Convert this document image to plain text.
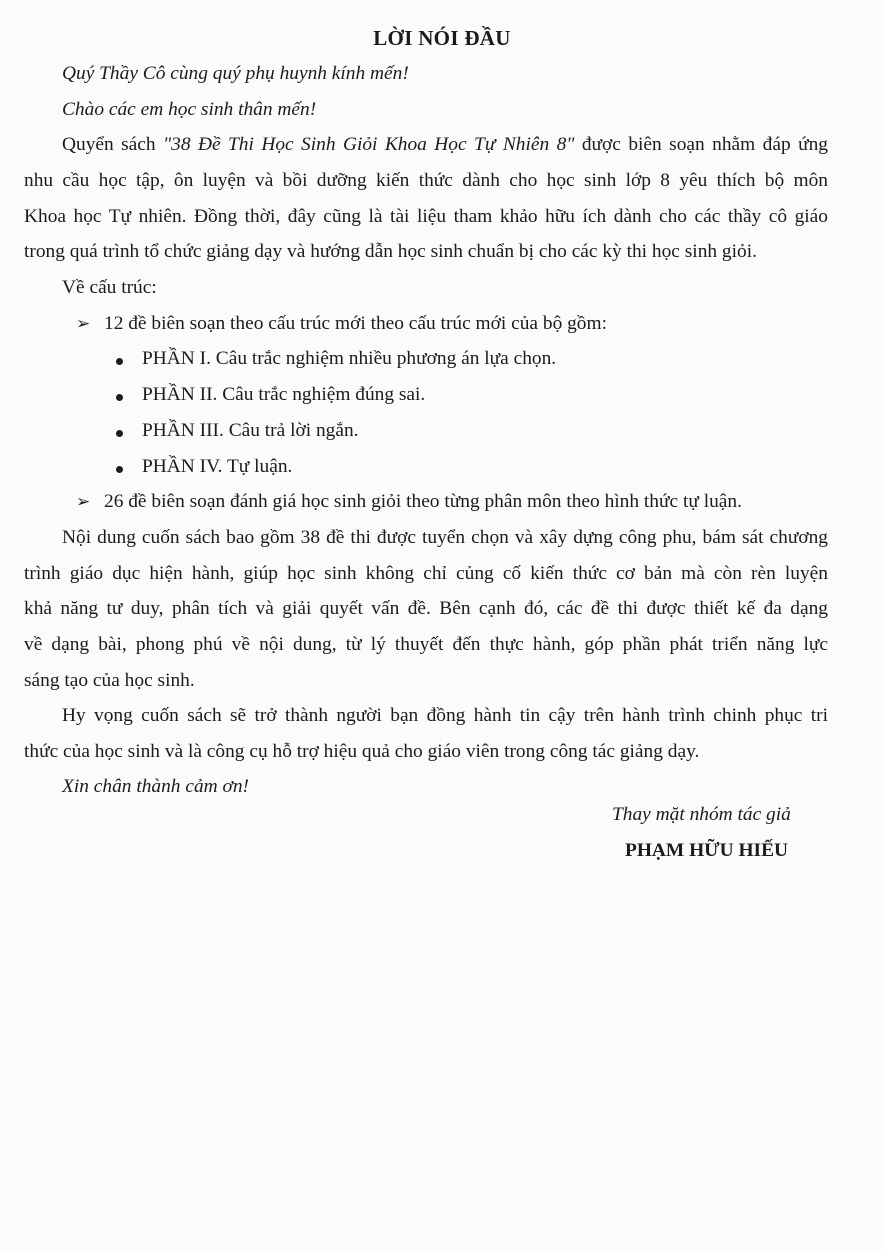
LỜI NÓI ĐẦU
Quý Thầy Cô cùng quý phụ huynh kính mến!
Chào các em học sinh thân mến!
Quyển sách "38 Đề Thi Học Sinh Giỏi Khoa Học Tự Nhiên 8" được biên soạn nhằm đáp ứng
nhu cầu học tập, ôn luyện và bồi dưỡng kiến thức dành cho học sinh lớp 8 yêu thích bộ môn
Khoa học Tự nhiên. Đồng thời, đây cũng là tài liệu tham khảo hữu ích dành cho các thầy cô giáo
trong quá trình tổ chức giảng dạy và hướng dẫn học sinh chuẩn bị cho các kỳ thi học sinh giỏi.
Về cấu trúc:
➢ 12 đề biên soạn theo cấu trúc mới theo cấu trúc mới của bộ gồm:
PHẦN I. Câu trắc nghiệm nhiều phương án lựa chọn.
PHẦN II. Câu trắc nghiệm đúng sai.
PHẦN III. Câu trả lời ngắn.
PHẦN IV. Tự luận.
➢ 26 đề biên soạn đánh giá học sinh giỏi theo từng phân môn theo hình thức tự luận.
Nội dung cuốn sách bao gồm 38 đề thi được tuyển chọn và xây dựng công phu, bám sát chương
trình giáo dục hiện hành, giúp học sinh không chỉ củng cố kiến thức cơ bản mà còn rèn luyện
khả năng tư duy, phân tích và giải quyết vấn đề. Bên cạnh đó, các đề thi được thiết kế đa dạng
về dạng bài, phong phú về nội dung, từ lý thuyết đến thực hành, góp phần phát triển năng lực
sáng tạo của học sinh.
Hy vọng cuốn sách sẽ trở thành người bạn đồng hành tin cậy trên hành trình chinh phục tri
thức của học sinh và là công cụ hỗ trợ hiệu quả cho giáo viên trong công tác giảng dạy.
Xin chân thành cảm ơn!
Thay mặt nhóm tác giả
PHẠM HỮU HIẾU
